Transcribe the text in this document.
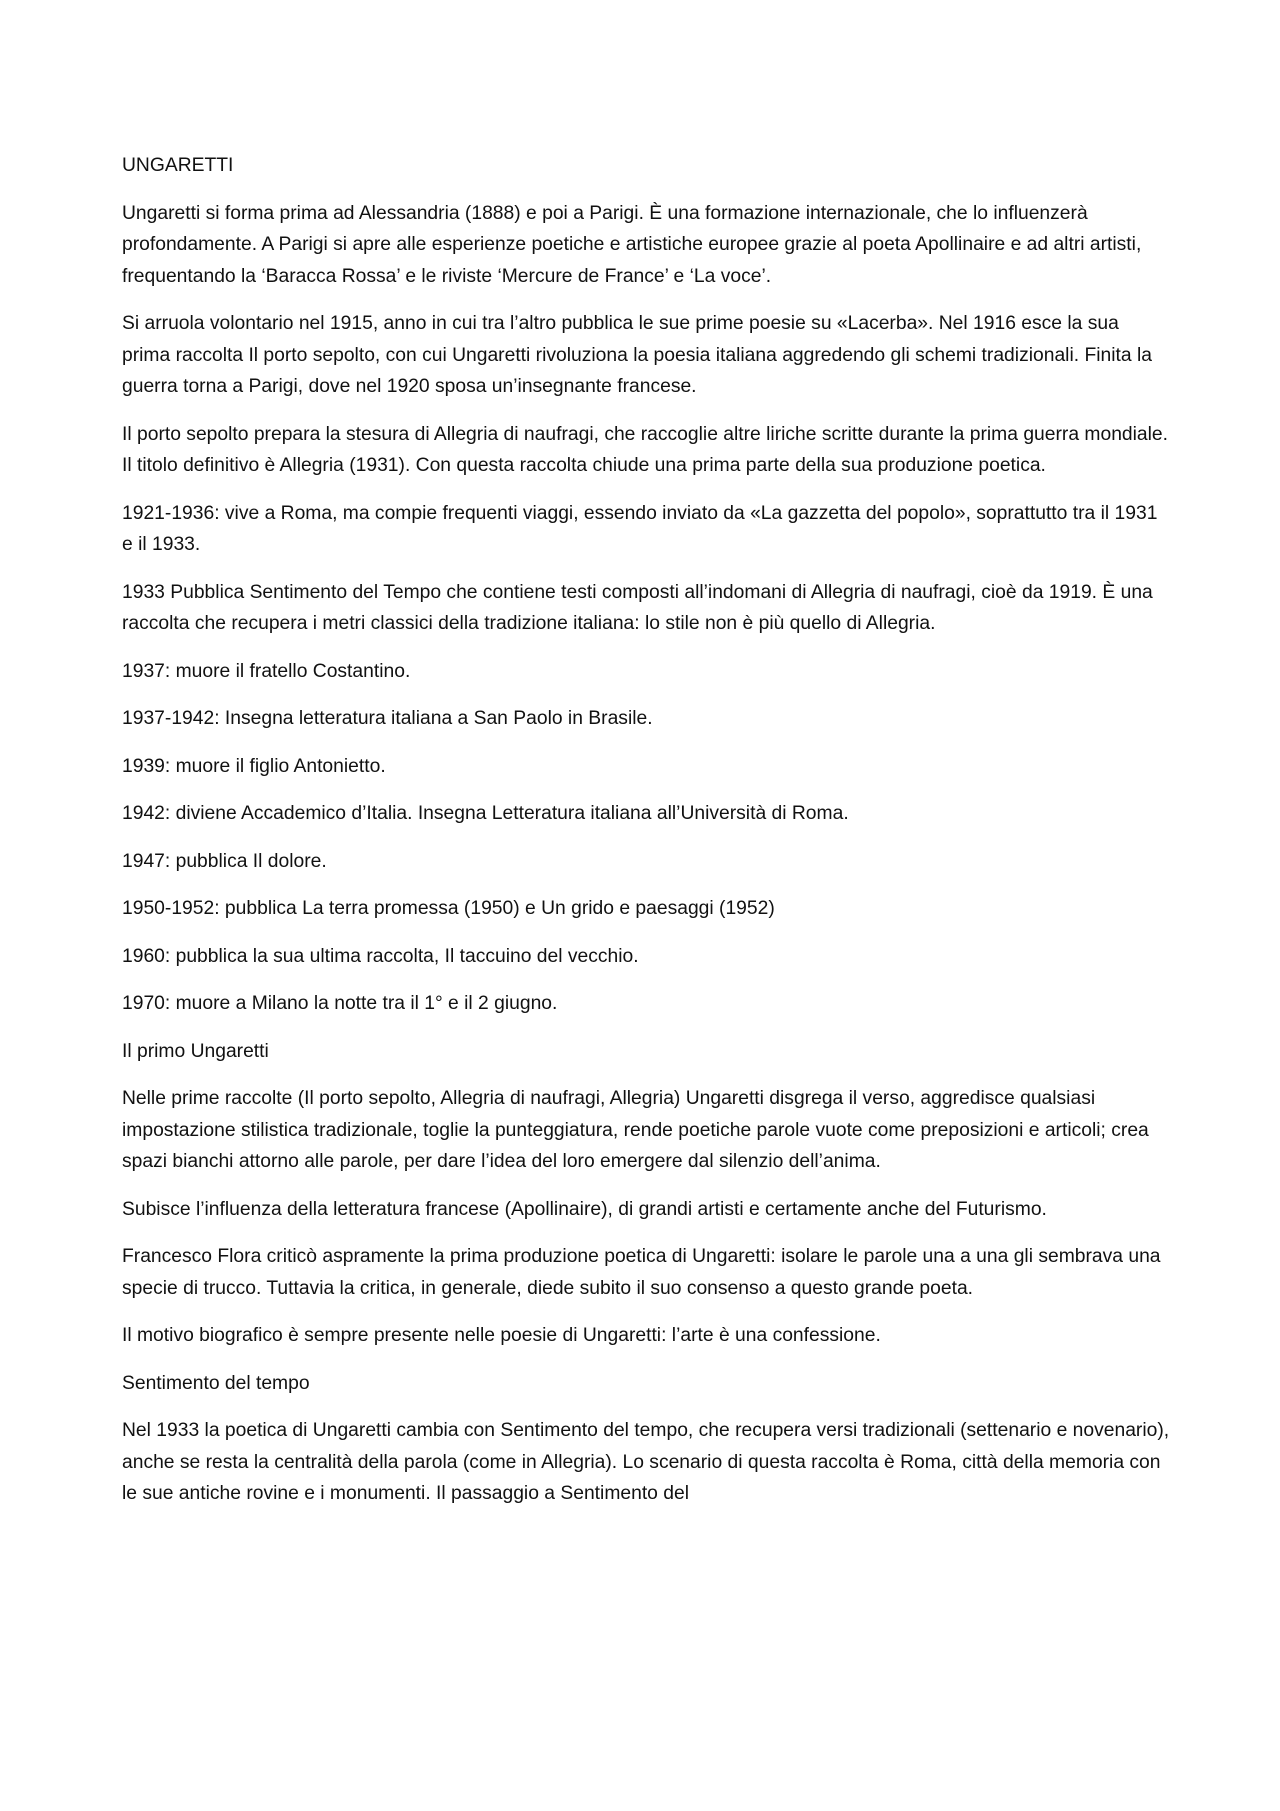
UNGARETTI

Ungaretti si forma prima ad Alessandria (1888) e poi a Parigi. È una formazione internazionale, che lo influenzerà profondamente. A Parigi si apre alle esperienze poetiche e artistiche europee grazie al poeta Apollinaire e ad altri artisti, frequentando la ‘Baracca Rossa’ e le riviste ‘Mercure de France’ e ‘La voce’.

Si arruola volontario nel 1915, anno in cui tra l’altro pubblica le sue prime poesie su «Lacerba». Nel 1916 esce la sua prima raccolta Il porto sepolto, con cui Ungaretti rivoluziona la poesia italiana aggredendo gli schemi tradizionali. Finita la guerra torna a Parigi, dove nel 1920 sposa un’insegnante francese.

Il porto sepolto prepara la stesura di Allegria di naufragi, che raccoglie altre liriche scritte durante la prima guerra mondiale. Il titolo definitivo è Allegria (1931). Con questa raccolta chiude una prima parte della sua produzione poetica.

1921-1936: vive a Roma, ma compie frequenti viaggi, essendo inviato da «La gazzetta del popolo», soprattutto tra il 1931 e il 1933.

1933 Pubblica Sentimento del Tempo che contiene testi composti all’indomani di Allegria di naufragi, cioè da 1919. È una raccolta che recupera i metri classici della tradizione italiana: lo stile non è più quello di Allegria.

1937: muore il fratello Costantino.

1937-1942: Insegna letteratura italiana a San Paolo in Brasile.

1939: muore il figlio Antonietto.

1942: diviene Accademico d’Italia. Insegna Letteratura italiana all’Università di Roma.

1947: pubblica Il dolore.

1950-1952: pubblica La terra promessa (1950) e Un grido e paesaggi (1952)

1960: pubblica la sua ultima raccolta, Il taccuino del vecchio.

1970: muore a Milano la notte tra il 1° e il 2 giugno.

Il primo Ungaretti

Nelle prime raccolte (Il porto sepolto, Allegria di naufragi, Allegria) Ungaretti disgrega il verso, aggredisce qualsiasi impostazione stilistica tradizionale, toglie la punteggiatura, rende poetiche parole vuote come preposizioni e articoli; crea spazi bianchi attorno alle parole, per dare l’idea del loro emergere dal silenzio dell’anima.

Subisce l’influenza della letteratura francese (Apollinaire), di grandi artisti e certamente anche del Futurismo.

Francesco Flora criticò aspramente la prima produzione poetica di Ungaretti: isolare le parole una a una gli sembrava una specie di trucco. Tuttavia la critica, in generale, diede subito il suo consenso a questo grande poeta.

Il motivo biografico è sempre presente nelle poesie di Ungaretti: l’arte è una confessione.

Sentimento del tempo

Nel 1933 la poetica di Ungaretti cambia con Sentimento del tempo, che recupera versi tradizionali (settenario e novenario), anche se resta la centralità della parola (come in Allegria). Lo scenario di questa raccolta è Roma, città della memoria con le sue antiche rovine e i monumenti. Il passaggio a Sentimento del
